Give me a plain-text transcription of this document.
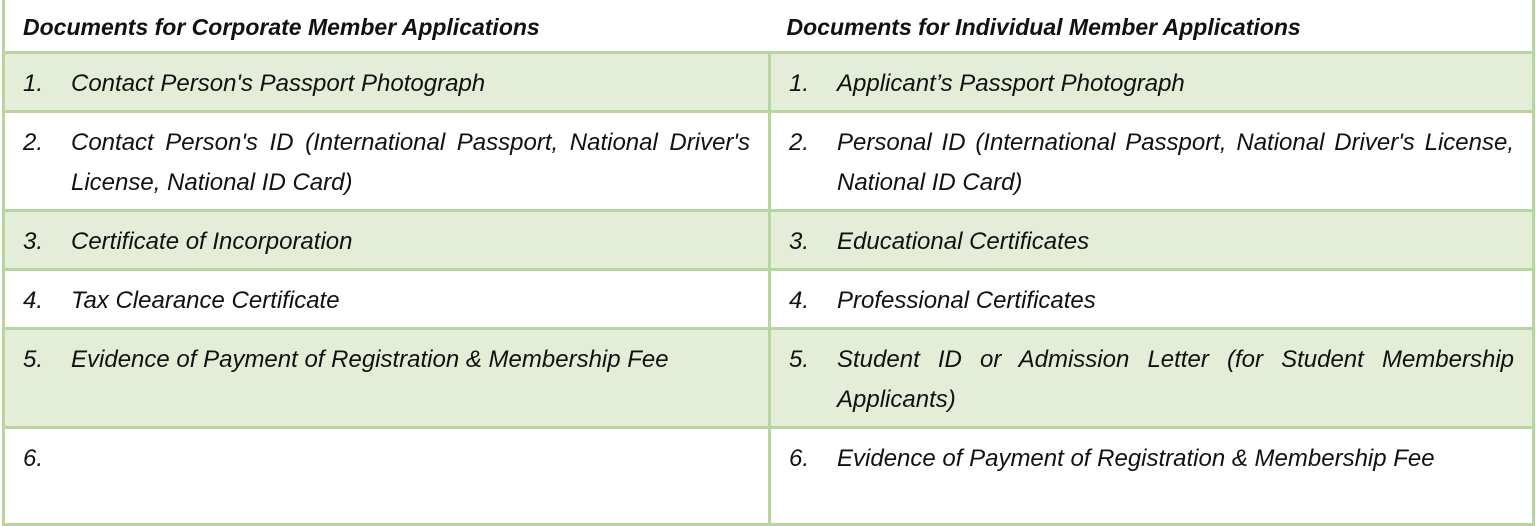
Documents for Corporate Member Applications	Documents for Individual Member Applications

1. Contact Person's Passport Photograph	1. Applicant’s Passport Photograph

2. Contact Person's ID (International Passport, National Driver's License, National ID Card)	2. Personal ID (International Passport, National Driver's License, National ID Card)

3. Certificate of Incorporation	3. Educational Certificates

4. Tax Clearance Certificate	4. Professional Certificates

5. Evidence of Payment of Registration & Membership Fee	5. Student ID or Admission Letter (for Student Membership Applicants)

6.	6. Evidence of Payment of Registration & Membership Fee
